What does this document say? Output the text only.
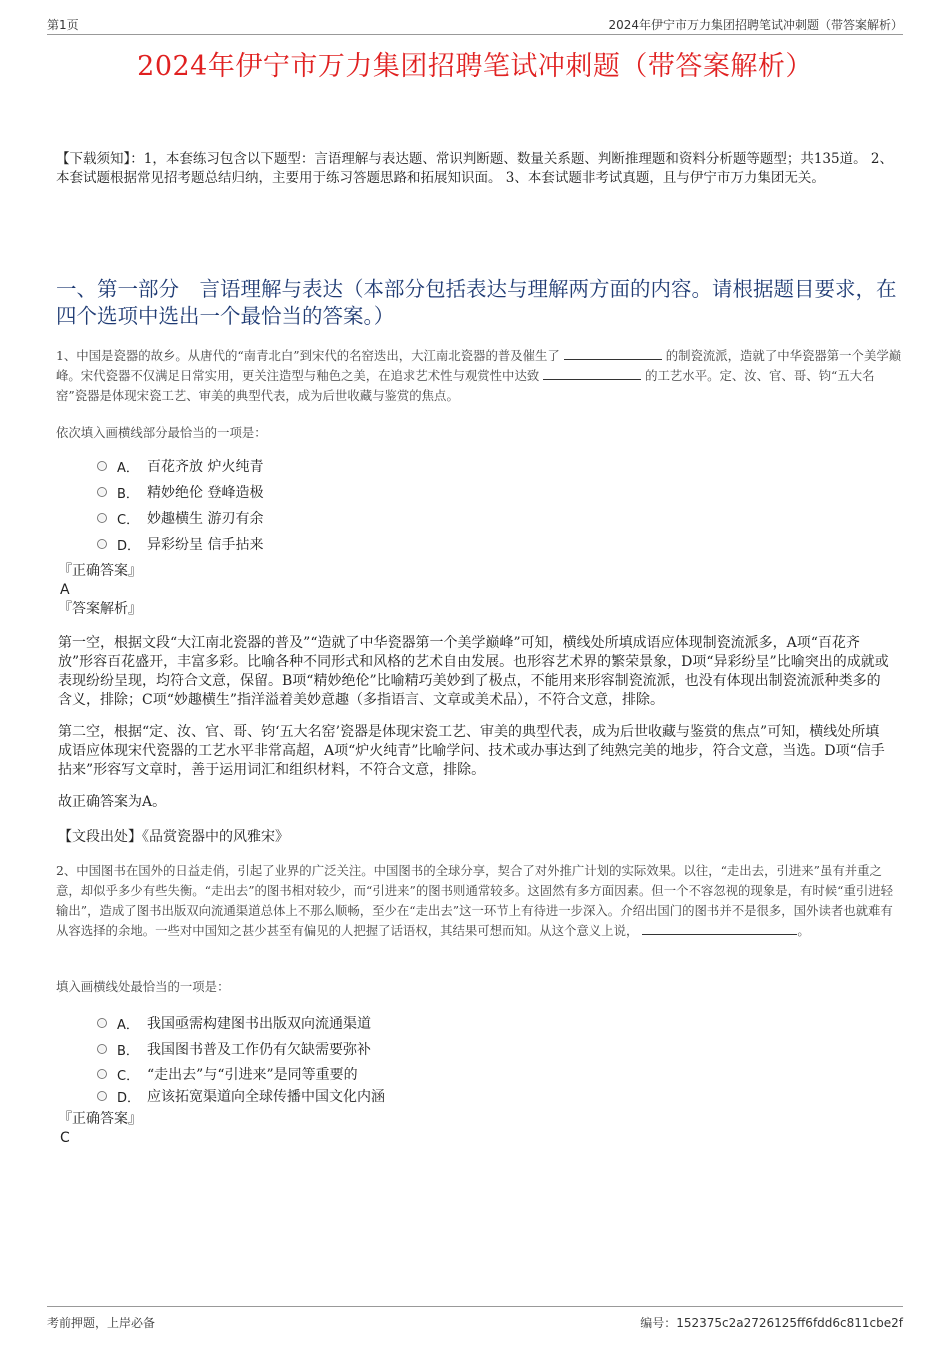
第1页	2024年伊宁市万力集团招聘笔试冲刺题（带答案解析）
2024年伊宁市万力集团招聘笔试冲刺题（带答案解析）
【下载须知】：1，本套练习包含以下题型：言语理解与表达题、常识判断题、数量关系题、判断推理题和资料分析题等题型；共135道。 2、本套试题根据常见招考题总结归纳，主要用于练习答题思路和拓展知识面。 3、本套试题非考试真题，且与伊宁市万力集团无关。
一、第一部分　言语理解与表达（本部分包括表达与理解两方面的内容。请根据题目要求，在四个选项中选出一个最恰当的答案。）
1、中国是瓷器的故乡。从唐代的“南青北白”到宋代的名窑迭出，大江南北瓷器的普及催生了	的制瓷流派，造就了中华瓷器第一个美学巅峰。宋代瓷器不仅满足日常实用，更关注造型与釉色之美，在追求艺术性与观赏性中达致	的工艺水平。定、汝、官、哥、钧“五大名窑”瓷器是体现宋瓷工艺、审美的典型代表，成为后世收藏与鉴赏的焦点。
依次填入画横线部分最恰当的一项是：
A． 百花齐放 炉火纯青
B． 精妙绝伦 登峰造极
C． 妙趣横生 游刃有余
D． 异彩纷呈 信手拈来
『正确答案』
A
『答案解析』
第一空，根据文段“大江南北瓷器的普及”“造就了中华瓷器第一个美学巅峰”可知，横线处所填成语应体现制瓷流派多，A项“百花齐放”形容百花盛开，丰富多彩。比喻各种不同形式和风格的艺术自由发展。也形容艺术界的繁荣景象，D项“异彩纷呈”比喻突出的成就或表现纷纷呈现，均符合文意，保留。B项“精妙绝伦”比喻精巧美妙到了极点，不能用来形容制瓷流派，也没有体现出制瓷流派种类多的含义，排除；C项“妙趣横生”指洋溢着美妙意趣（多指语言、文章或美术品），不符合文意，排除。
第二空，根据“定、汝、官、哥、钧‘五大名窑’瓷器是体现宋瓷工艺、审美的典型代表，成为后世收藏与鉴赏的焦点”可知，横线处所填成语应体现宋代瓷器的工艺水平非常高超，A项“炉火纯青”比喻学问、技术或办事达到了纯熟完美的地步，符合文意，当选。D项“信手拈来”形容写文章时，善于运用词汇和组织材料，不符合文意，排除。
故正确答案为A。
【文段出处】《品赏瓷器中的风雅宋》
2、中国图书在国外的日益走俏，引起了业界的广泛关注。中国图书的全球分享，契合了对外推广计划的实际效果。以往，“走出去，引进来”虽有并重之意，却似乎多少有些失衡。“走出去”的图书相对较少，而“引进来”的图书则通常较多。这固然有多方面因素。但一个不容忽视的现象是，有时候“重引进轻输出”，造成了图书出版双向流通渠道总体上不那么顺畅，至少在“走出去”这一环节上有待进一步深入。介绍出国门的图书并不是很多，国外读者也就难有从容选择的余地。一些对中国知之甚少甚至有偏见的人把握了话语权，其结果可想而知。从这个意义上说，	。
填入画横线处最恰当的一项是：
A． 我国亟需构建图书出版双向流通渠道
B． 我国图书普及工作仍有欠缺需要弥补
C． “走出去”与“引进来”是同等重要的
D． 应该拓宽渠道向全球传播中国文化内涵
『正确答案』
C
考前押题，上岸必备	编号：152375c2a2726125ff6fdd6c811cbe2f
